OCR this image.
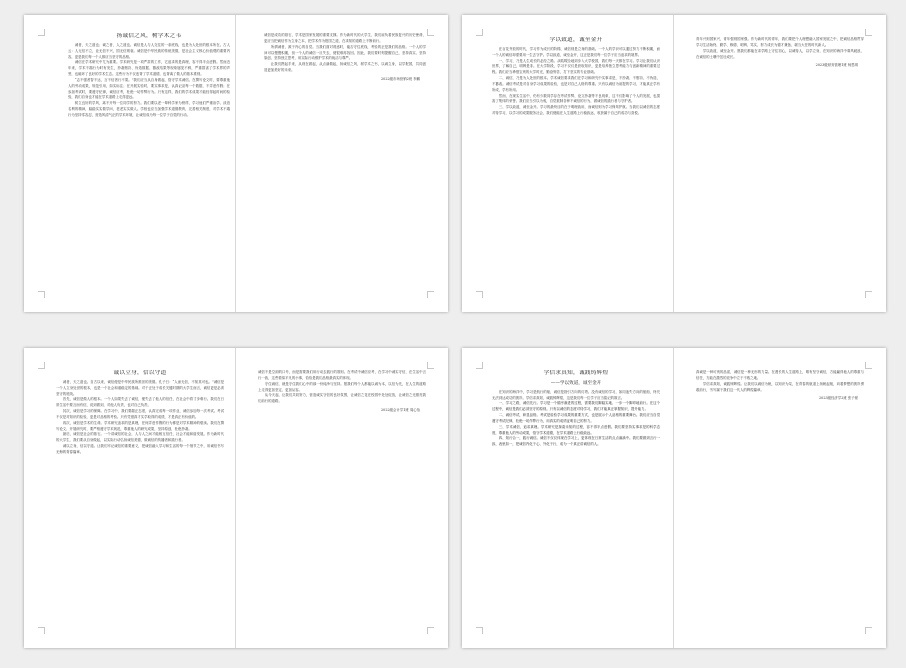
扬诚信之风，树学术之韦

诚者，天之道也；诚之者，人之道也。诚信是人与人交往的一条底线，也是为人处世的根本所在。古人云：人无信不立，业无信不兴，国无信则衰。诚信是中华民族的传统美德，是社会主义核心价值观的重要内容，更是我们每一个人都应当坚守的品格。

诚信在学术研究中尤为重要。学术研究是一项严肃的工作，它追求的是真理，容不得半点虚假。然而近年来，学术不端行为时有发生，抄袭剽窃、伪造数据、篡改结果等现象屡见不鲜，严重损害了学术界的声誉，也破坏了良好的学术生态。这些行为不仅违背了学术道德，也背离了做人的基本准则。

“志不强者智不达，言不信者行不果。”我们应当从自身做起，恪守学术诚信。在撰写论文时，要尊重他人的劳动成果，规范引用，如实标注；在开展实验时，要实事求是，认真记录每一个数据，不弄虚作假；在参加考试时，要遵守纪律，诚信应考，杜绝一切作弊行为。只有这样，我们的学术成果才能经得起时间的检验，我们自身也才能在学术道路上走得更远。

树立良好的学风，离不开每一位同学的努力。我们要以老一辈科学家为榜样，学习他们严谨治学、淡泊名利的精神，踏踏实实做学问，老老实实做人。学校也应当加强学术道德教育，完善相关制度，对学术不端行为坚持零容忍，营造风清气正的学术环境，让诚信成为每一位学子自觉的行动。

诚信是成功的基石，学术是国家发展的重要支撑。作为新时代的大学生，我们肩负着民族复兴的历史使命，更应当把诚信作为立身之本，把学术作为报国之道，在求知的道路上不断前行。

所谓诚者，源于内心的自觉。当我们面对诱惑时，能否守住底线，考验的正是我们的品格。一个人的学问可以慢慢积累，但一个人的诚信一旦失去，便很难再找回。因此，我们要时刻提醒自己，坚持真实、坚持原创、坚持独立思考，用实际行动维护学术的纯洁与尊严。

让我们携起手来，从现在做起，从点滴做起，扬诚信之风，树学术之韦，以诚立身，以学报国，共同创造更加美好的未来。

2022级市场营销2班 李鹏
学以致道，诚至金开

在百花齐放的时代，学习作为成长的阶梯，诚信则是立身的基础。一个人的学识可以通过努力不断积累，而一个人的诚信却需要用一生去守护。学以致道，诚至金开，这正是我们每一位学子应当追求的境界。

一、学习，乃是人生成长的必经之路。从呱呱坠地到步入大学校园，我们每一天都在学习。学习让我们认识世界，了解自己，明辨是非。在大学阶段，学习不仅仅是获取知识，更是培养独立思考能力与创新精神的重要过程。我们应当珍惜宝贵的大学时光，勤奋刻苦，打下坚实的专业基础。

二、诚信，乃是为人处世的根本。学术诚信要求我们在学习和研究中实事求是，不抄袭、不剽窃、不伪造、不篡改。诚信考试是对自身学习成果的检验，也是对自己人格的尊重。只有以诚信为前提的学习，才能真正学有所成，学有所用。

然而，在现实生活中，仍有少数同学存在考试作弊、论文抄袭等不良现象，这不仅影响了个人的发展，也损害了集体的荣誉。我们应当引以为戒，自觉抵制各种不诚信的行为，做诚信的践行者与守护者。

三、学以致道，诚至金开。学习的最终目的在于明理致用，而诚信则为学习保驾护航。当我们以诚信的态度对待学习，以学习的成果服务社会，我们便能在人生道路上行稳致远，收获属于自己的成功与喜悦。

青年兴则国家兴，青年强则国家强。作为新时代的青年，我们要把个人理想融入国家发展之中，把诚信品格贯穿学习生活始终，勤学、修德、明辨、笃实，努力成长为德才兼备、堪当大任的时代新人。

学以致道，诚至金开。愿我们都能在求学路上守住初心，以诚待人，以学立身，在知识的海洋中乘风破浪，在诚信的土壤中茁壮成长。

2023级财务管理1班 杨思琪
诚以立身，信以守道

诚者，天之道也。自古以来，诚信便是中华民族所推崇的美德。孔子曰：“人而无信，不知其可也。”诚信是一个人立身处世的根本，也是一个社会和谐稳定的基础。对于正处于成长关键时期的大学生而言，诚信更是必须坚守的底线。

首先，诚信是做人的根本。一个人如果失去了诚信，便失去了他人的信任，在社会中将寸步难行。我们在日常生活中要言而有信，说到做到，对他人负责，也对自己负责。

其次，诚信是学习的保障。在学习中，我们要端正态度，认真完成每一项作业，诚信参加每一次考试。考试不仅是对知识的检验，更是对品格的考验。只有凭借真才实学取得的成绩，才是真正有价值的。

再次，诚信是学术的生命。学术研究追求的是真理，任何弄虚作假的行为都是对学术精神的亵渎。我们在撰写论文、开展研究时，要严格遵守学术规范，尊重他人的研究成果，坚持原创，杜绝抄袭。

最后，诚信是社会的基石。一个讲诚信的社会，人与人之间才能相互信任，社会才能和谐发展。作为新时代的大学生，我们要从自身做起，以实际行动弘扬诚信美德，做诚信的传播者和践行者。

诚以立身，信以守道。让我们牢记诚信的重要意义，把诚信融入学习和生活的每一个细节之中，用诚信书写无悔的青春篇章。

诚信不是空洞的口号，而是需要我们用行动去践行的准则。在考试中诚信应考，在学习中诚实守信，在生活中言行一致，这些看似平凡的小事，恰恰是我们品格最真实的体现。

守住诚信，就是守住我们心中的那一份纯净与坚持。愿我们每个人都能以诚为本，以信为先，在人生的道路上走得更加坚定、更加从容。

从今天起，让我们共同努力，营造诚实守信的良好氛围，让诚信之花在校园中处处绽放，让诚信之光照亮我们前行的道路。

2022级会计学1班 周心怡
学信求真知，诚践铸辉煌
——学以致道，诚至金开

在知识的海洋中，学习是航行的船，诚信是指引方向的灯塔。没有诚信的学习，如同迷失方向的航船，终究无法到达成功的彼岸。学信求真知，诚践铸辉煌，这是我们每一位学子应当铭记的箴言。

一、学习之路，诚信先行。学习是一个循序渐进的过程，需要我们脚踏实地、一步一个脚印地前行。在这个过程中，诚信是我们必须坚守的原则。只有以诚信的态度对待学习，我们才能真正掌握知识，提升能力。

二、诚信考试，彰显品格。考试是检验学习成果的重要方式，也是展示个人品格的重要舞台。我们应当自觉遵守考试纪律，杜绝一切作弊行为，用真实的成绩证明自己的努力。

三、学术诚信，追求真理。学术研究是探索未知的过程，容不得半点虚假。我们要坚持实事求是的科学态度，尊重他人的劳动成果，恪守学术道德，在学术道路上行稳致远。

四、知行合一，践行诚信。诚信不仅仅体现在学习上，更体现在日常生活的点点滴滴中。我们要做到言行一致、表里如一，把诚信内化于心、外化于行，成为一个真正讲诚信的人。

真诚是一种可贵的品质，诚信是一种无形的力量。在漫长的人生道路上，唯有坚守诚信，方能赢得他人的尊重与信任，方能在激烈的竞争中立于不败之地。

学信求真知，诚践铸辉煌。让我们以诚信为帆，以知识为桨，在青春的航道上扬帆起航，向着梦想的彼岸勇敢前行，书写属于我们这一代人的辉煌篇章。

2023级经济学2班 张子豪
